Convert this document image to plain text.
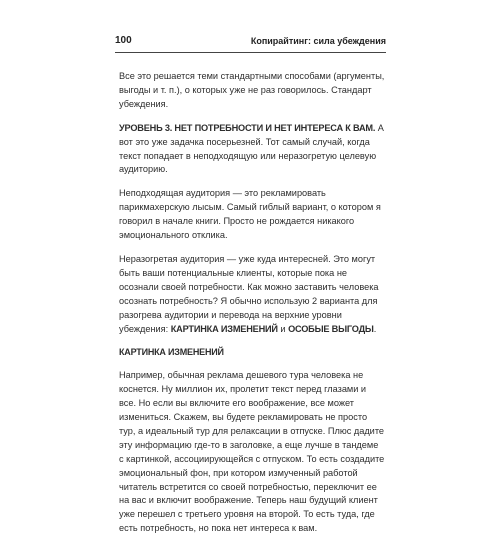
100	Копирайтинг: сила убеждения

Все это решается теми стандартными способами (аргументы, выгоды и т. п.), о которых уже не раз говорилось. Стандарт убеждения.

УРОВЕНЬ 3. НЕТ ПОТРЕБНОСТИ И НЕТ ИНТЕРЕСА К ВАМ. А вот это уже задачка посерьезней. Тот самый случай, когда текст попадает в неподходящую или неразогретую целевую аудиторию.

Неподходящая аудитория — это рекламировать парикмахерскую лысым. Самый гиблый вариант, о котором я говорил в начале книги. Просто не рождается никакого эмоционального отклика.

Неразогретая аудитория — уже куда интересней. Это могут быть ваши потенциальные клиенты, которые пока не осознали своей потребности. Как можно заставить человека осознать потребность? Я обычно использую 2 варианта для разогрева аудитории и перевода на верхние уровни убеждения: КАРТИНКА ИЗМЕНЕНИЙ и ОСОБЫЕ ВЫГОДЫ.

КАРТИНКА ИЗМЕНЕНИЙ

Например, обычная реклама дешевого тура человека не коснется. Ну миллион их, пролетит текст перед глазами и все. Но если вы включите его воображение, все может измениться. Скажем, вы будете рекламировать не просто тур, а идеальный тур для релаксации в отпуске. Плюс дадите эту информацию где-то в заголовке, а еще лучше в тандеме с картинкой, ассоциирующейся с отпуском. То есть создадите эмоциональный фон, при котором измученный работой читатель встретится со своей потребностью, переключит ее на вас и включит воображение. Теперь наш будущий клиент уже перешел с третьего уровня на второй. То есть туда, где есть потребность, но пока нет интереса к вам.
